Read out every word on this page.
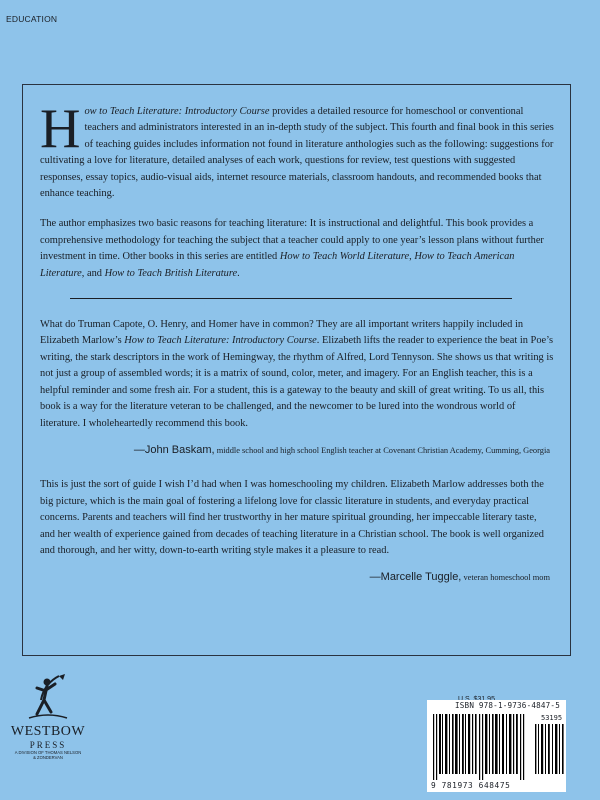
EDUCATION

How to Teach Literature: Introductory Course provides a detailed resource for homeschool or conventional teachers and administrators interested in an in-depth study of the subject. This fourth and final book in this series of teaching guides includes information not found in literature anthologies such as the following: suggestions for cultivating a love for literature, detailed analyses of each work, questions for review, test questions with suggested responses, essay topics, audio-visual aids, internet resource materials, classroom handouts, and recommended books that enhance teaching.

The author emphasizes two basic reasons for teaching literature: It is instructional and delightful. This book provides a comprehensive methodology for teaching the subject that a teacher could apply to one year’s lesson plans without further investment in time. Other books in this series are entitled How to Teach World Literature, How to Teach American Literature, and How to Teach British Literature.

What do Truman Capote, O. Henry, and Homer have in common? They are all important writers happily included in Elizabeth Marlow’s How to Teach Literature: Introductory Course. Elizabeth lifts the reader to experience the beat in Poe’s writing, the stark descriptors in the work of Hemingway, the rhythm of Alfred, Lord Tennyson. She shows us that writing is not just a group of assembled words; it is a matrix of sound, color, meter, and imagery. For an English teacher, this is a helpful reminder and some fresh air. For a student, this is a gateway to the beauty and skill of great writing. To us all, this book is a way for the literature veteran to be challenged, and the newcomer to be lured into the wondrous world of literature. I wholeheartedly recommend this book.

—John Baskam, middle school and high school English teacher at Covenant Christian Academy, Cumming, Georgia

This is just the sort of guide I wish I’d had when I was homeschooling my children. Elizabeth Marlow addresses both the big picture, which is the main goal of fostering a lifelong love for classic literature in students, and everyday practical concerns. Parents and teachers will find her trustworthy in her mature spiritual grounding, her impeccable literary taste, and her wealth of experience gained from decades of teaching literature in a Christian school. The book is well organized and thorough, and her witty, down-to-earth writing style makes it a pleasure to read.

—Marcelle Tuggle, veteran homeschool mom

WESTBOW
PRESS
A DIVISION OF THOMAS NELSON
& ZONDERVAN
ISBN 978-1-9736-4847-5
53195
9 781973 648475
